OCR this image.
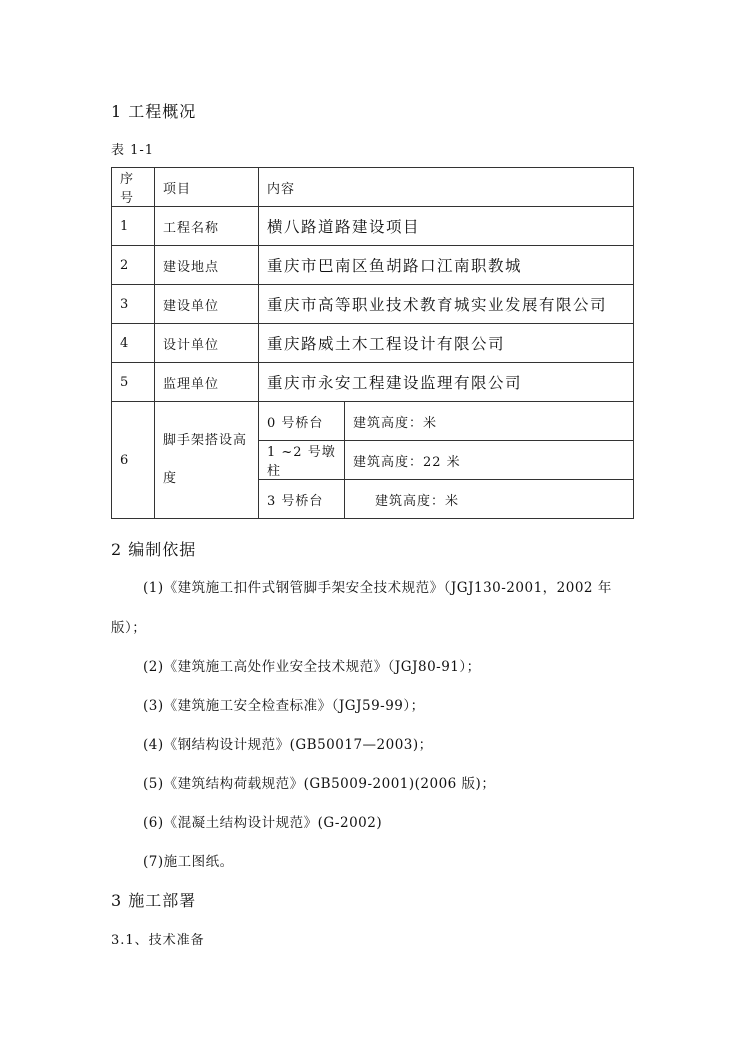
1 工程概况
表 1-1
序号	项目	内容	
1	工程名称	横八路道路建设项目	
2	建设地点	重庆市巴南区鱼胡路口江南职教城	
3	建设单位	重庆市高等职业技术教育城实业发展有限公司	
4	设计单位	重庆路威土木工程设计有限公司	
5	监理单位	重庆市永安工程建设监理有限公司	
6	脚手架搭设高度	0 号桥台	建筑高度：米
		1 ~2 号墩柱	建筑高度：22 米
		3 号桥台	建筑高度：米
2 编制依据
(1)《建筑施工扣件式钢管脚手架安全技术规范》（JGJ130-2001，2002 年
版）；
(2)《建筑施工高处作业安全技术规范》（JGJ80-91）；
(3)《建筑施工安全检查标准》（JGJ59-99）；
(4)《钢结构设计规范》(GB50017—2003)；
(5)《建筑结构荷载规范》(GB5009-2001)(2006 版)；
(6)《混凝土结构设计规范》(G-2002)
(7)施工图纸。
3 施工部署
3.1、技术准备
